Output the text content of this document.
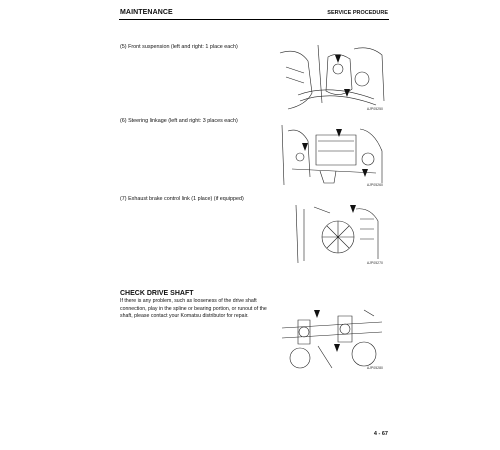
MAINTENANCE	SERVICE PROCEDURE
(5) Front suspension (left and right: 1 place each)
AJP05250
(6) Steering linkage (left and right: 3 places each)
AJP05260
(7) Exhaust brake control link (1 place) (if equipped)
AJP05270
CHECK DRIVE SHAFT
If there is any problem, such as looseness of the drive shaft
connection, play in the spline or bearing portion, or runout of the
shaft, please contact your Komatsu distributor for repair.
AJP05280
4 - 67
